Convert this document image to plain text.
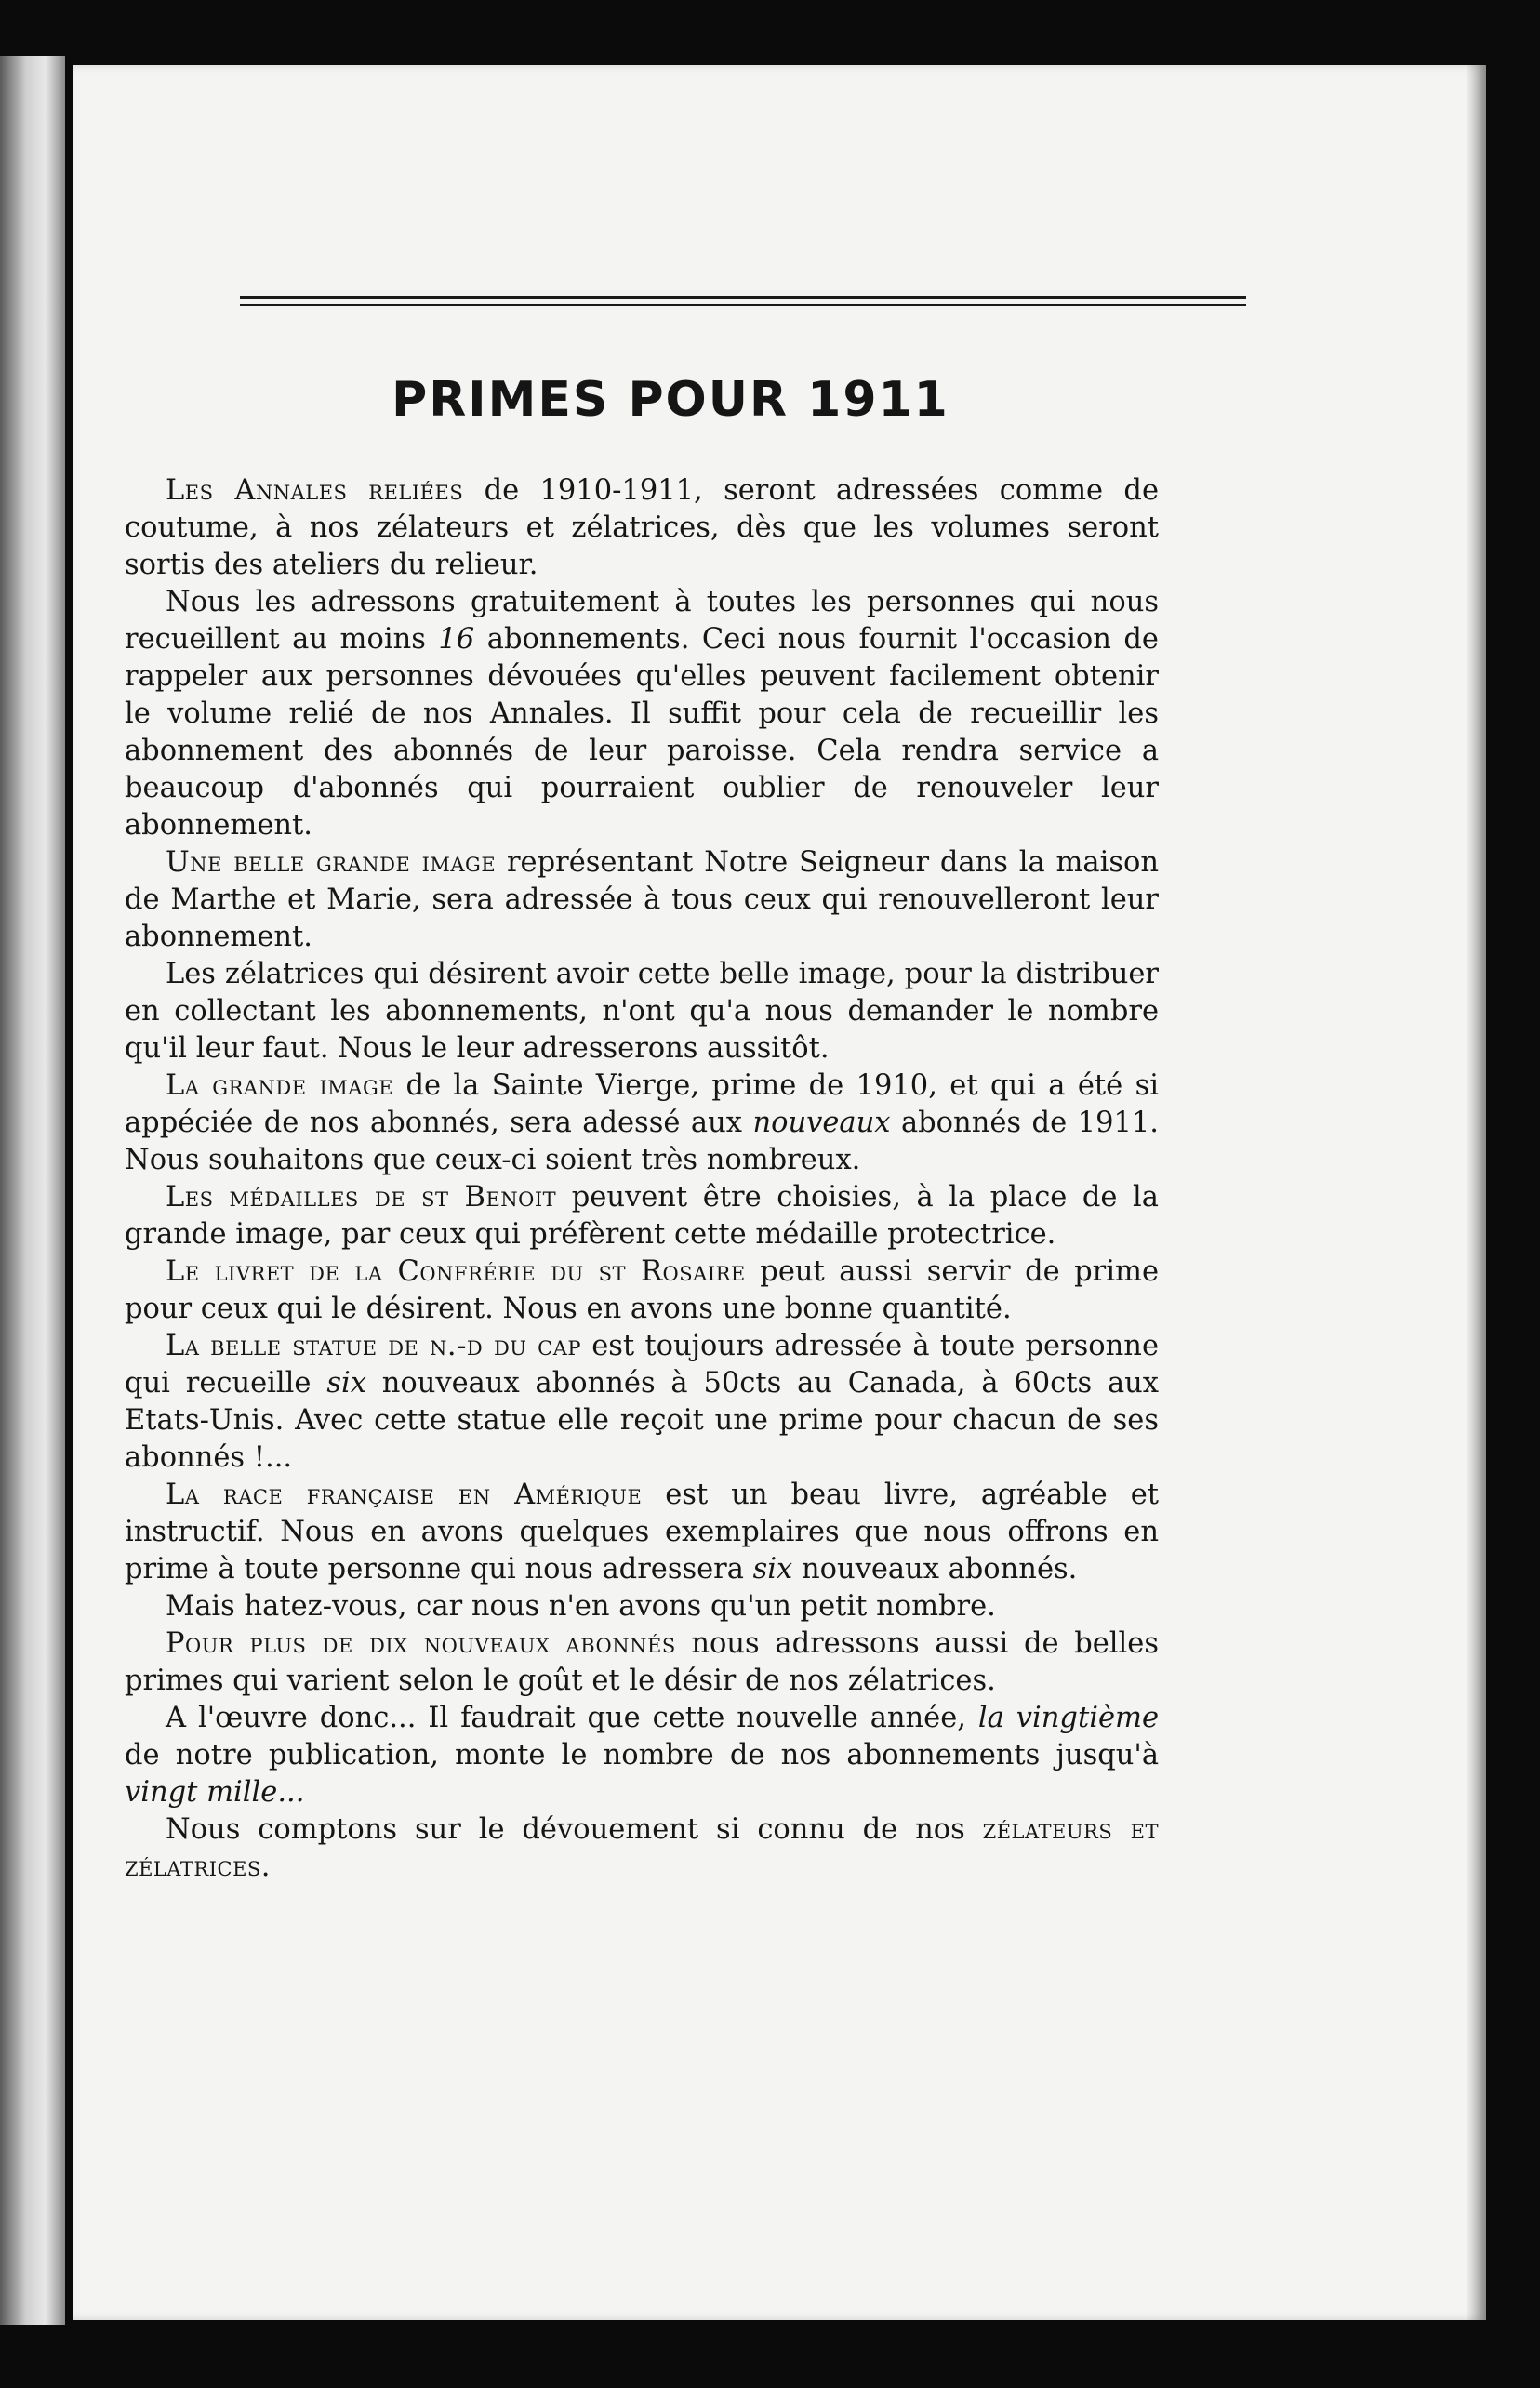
PRIMES POUR 1911

Les Annales reliées de 1910-1911, seront adressées comme de coutume, à nos zélateurs et zélatrices, dès que les volumes seront sortis des ateliers du relieur.

Nous les adressons gratuitement à toutes les personnes qui nous recueillent au moins 16 abonnements. Ceci nous fournit l'occasion de rappeler aux personnes dévouées qu'elles peuvent facilement obtenir le volume relié de nos Annales. Il suffit pour cela de recueillir les abonnement des abonnés de leur paroisse. Cela rendra service a beaucoup d'abonnés qui pourraient oublier de renouveler leur abonnement.

Une belle grande image représentant Notre Seigneur dans la maison de Marthe et Marie, sera adressée à tous ceux qui renouvelleront leur abonnement.

Les zélatrices qui désirent avoir cette belle image, pour la distribuer en collectant les abonnements, n'ont qu'a nous demander le nombre qu'il leur faut. Nous le leur adresserons aussitôt.

La grande image de la Sainte Vierge, prime de 1910, et qui a été si appéciée de nos abonnés, sera adessé aux nouveaux abonnés de 1911. Nous souhaitons que ceux-ci soient très nombreux.

Les médailles de st Benoit peuvent être choisies, à la place de la grande image, par ceux qui préfèrent cette médaille protectrice.

Le livret de la Confrérie du st Rosaire peut aussi servir de prime pour ceux qui le désirent. Nous en avons une bonne quantité.

La belle statue de n.-d du cap est toujours adressée à toute personne qui recueille six nouveaux abonnés à 50cts au Canada, à 60cts aux Etats-Unis. Avec cette statue elle reçoit une prime pour chacun de ses abonnés !...

La race française en Amérique est un beau livre, agréable et instructif. Nous en avons quelques exemplaires que nous offrons en prime à toute personne qui nous adressera six nouveaux abonnés.

Mais hatez-vous, car nous n'en avons qu'un petit nombre.

Pour plus de dix nouveaux abonnés nous adressons aussi de belles primes qui varient selon le goût et le désir de nos zélatrices.

A l'œuvre donc... Il faudrait que cette nouvelle année, la vingtième de notre publication, monte le nombre de nos abonnements jusqu'à vingt mille...

Nous comptons sur le dévouement si connu de nos zélateurs et zélatrices.
